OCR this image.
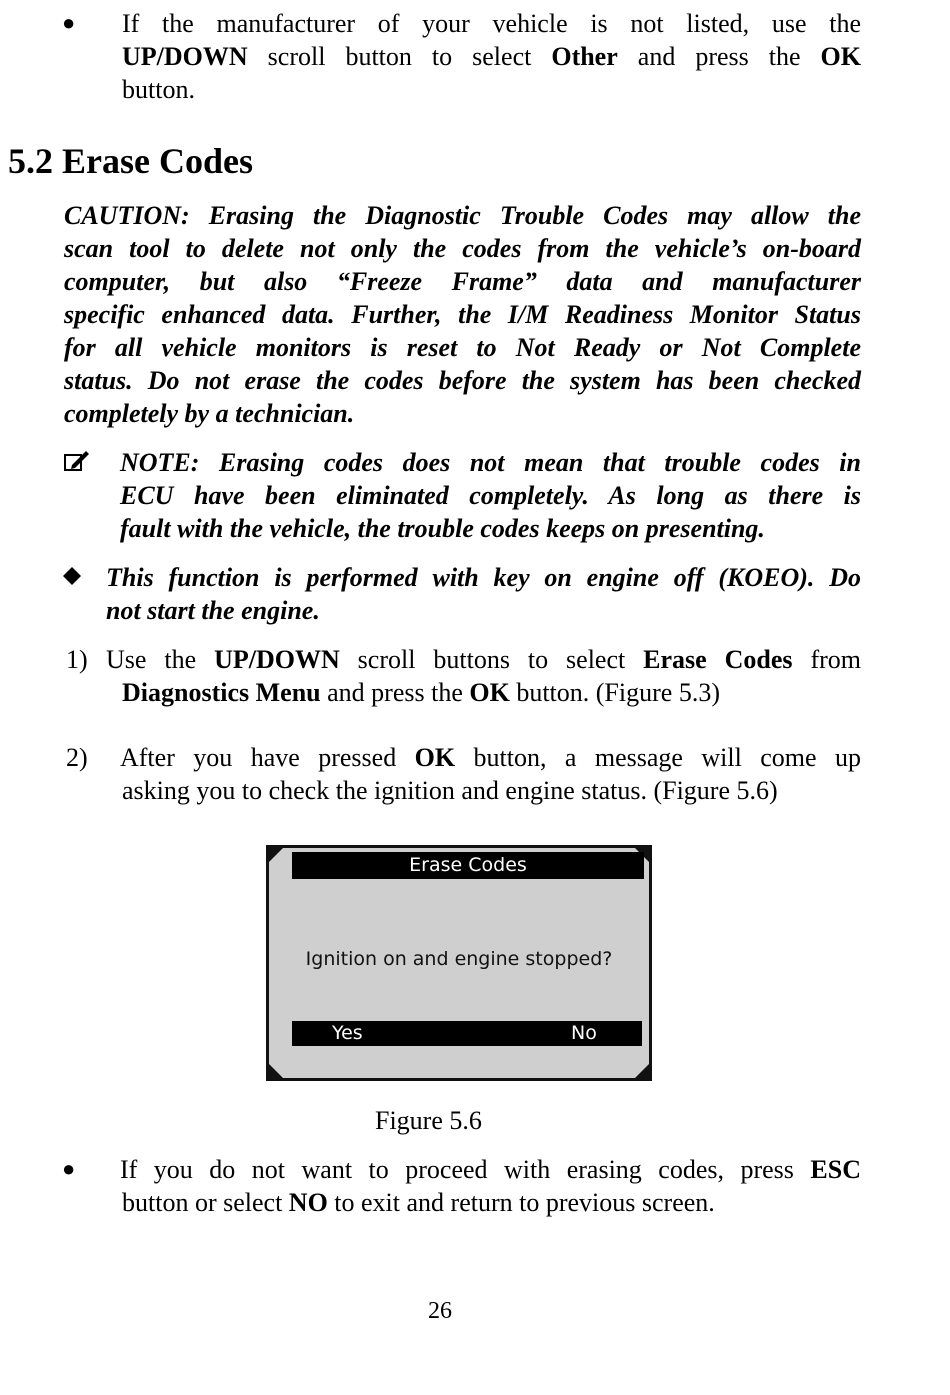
● If the manufacturer of your vehicle is not listed, use the
UP/DOWN scroll button to select Other and press the OK
button.
5.2 Erase Codes
CAUTION: Erasing the Diagnostic Trouble Codes may allow the
scan tool to delete not only the codes from the vehicle’s on-board
computer, but also “Freeze Frame” data and manufacturer
specific enhanced data. Further, the I/M Readiness Monitor Status
for all vehicle monitors is reset to Not Ready or Not Complete
status. Do not erase the codes before the system has been checked
completely by a technician.
NOTE: Erasing codes does not mean that trouble codes in
ECU have been eliminated completely. As long as there is
fault with the vehicle, the trouble codes keeps on presenting.
This function is performed with key on engine off (KOEO). Do
not start the engine.
1) Use the UP/DOWN scroll buttons to select Erase Codes from
Diagnostics Menu and press the OK button. (Figure 5.3)
2) After you have pressed OK button, a message will come up
asking you to check the ignition and engine status. (Figure 5.6)
Erase Codes
Ignition on and engine stopped?
Yes	No
Figure 5.6
● If you do not want to proceed with erasing codes, press ESC
button or select NO to exit and return to previous screen.
26
